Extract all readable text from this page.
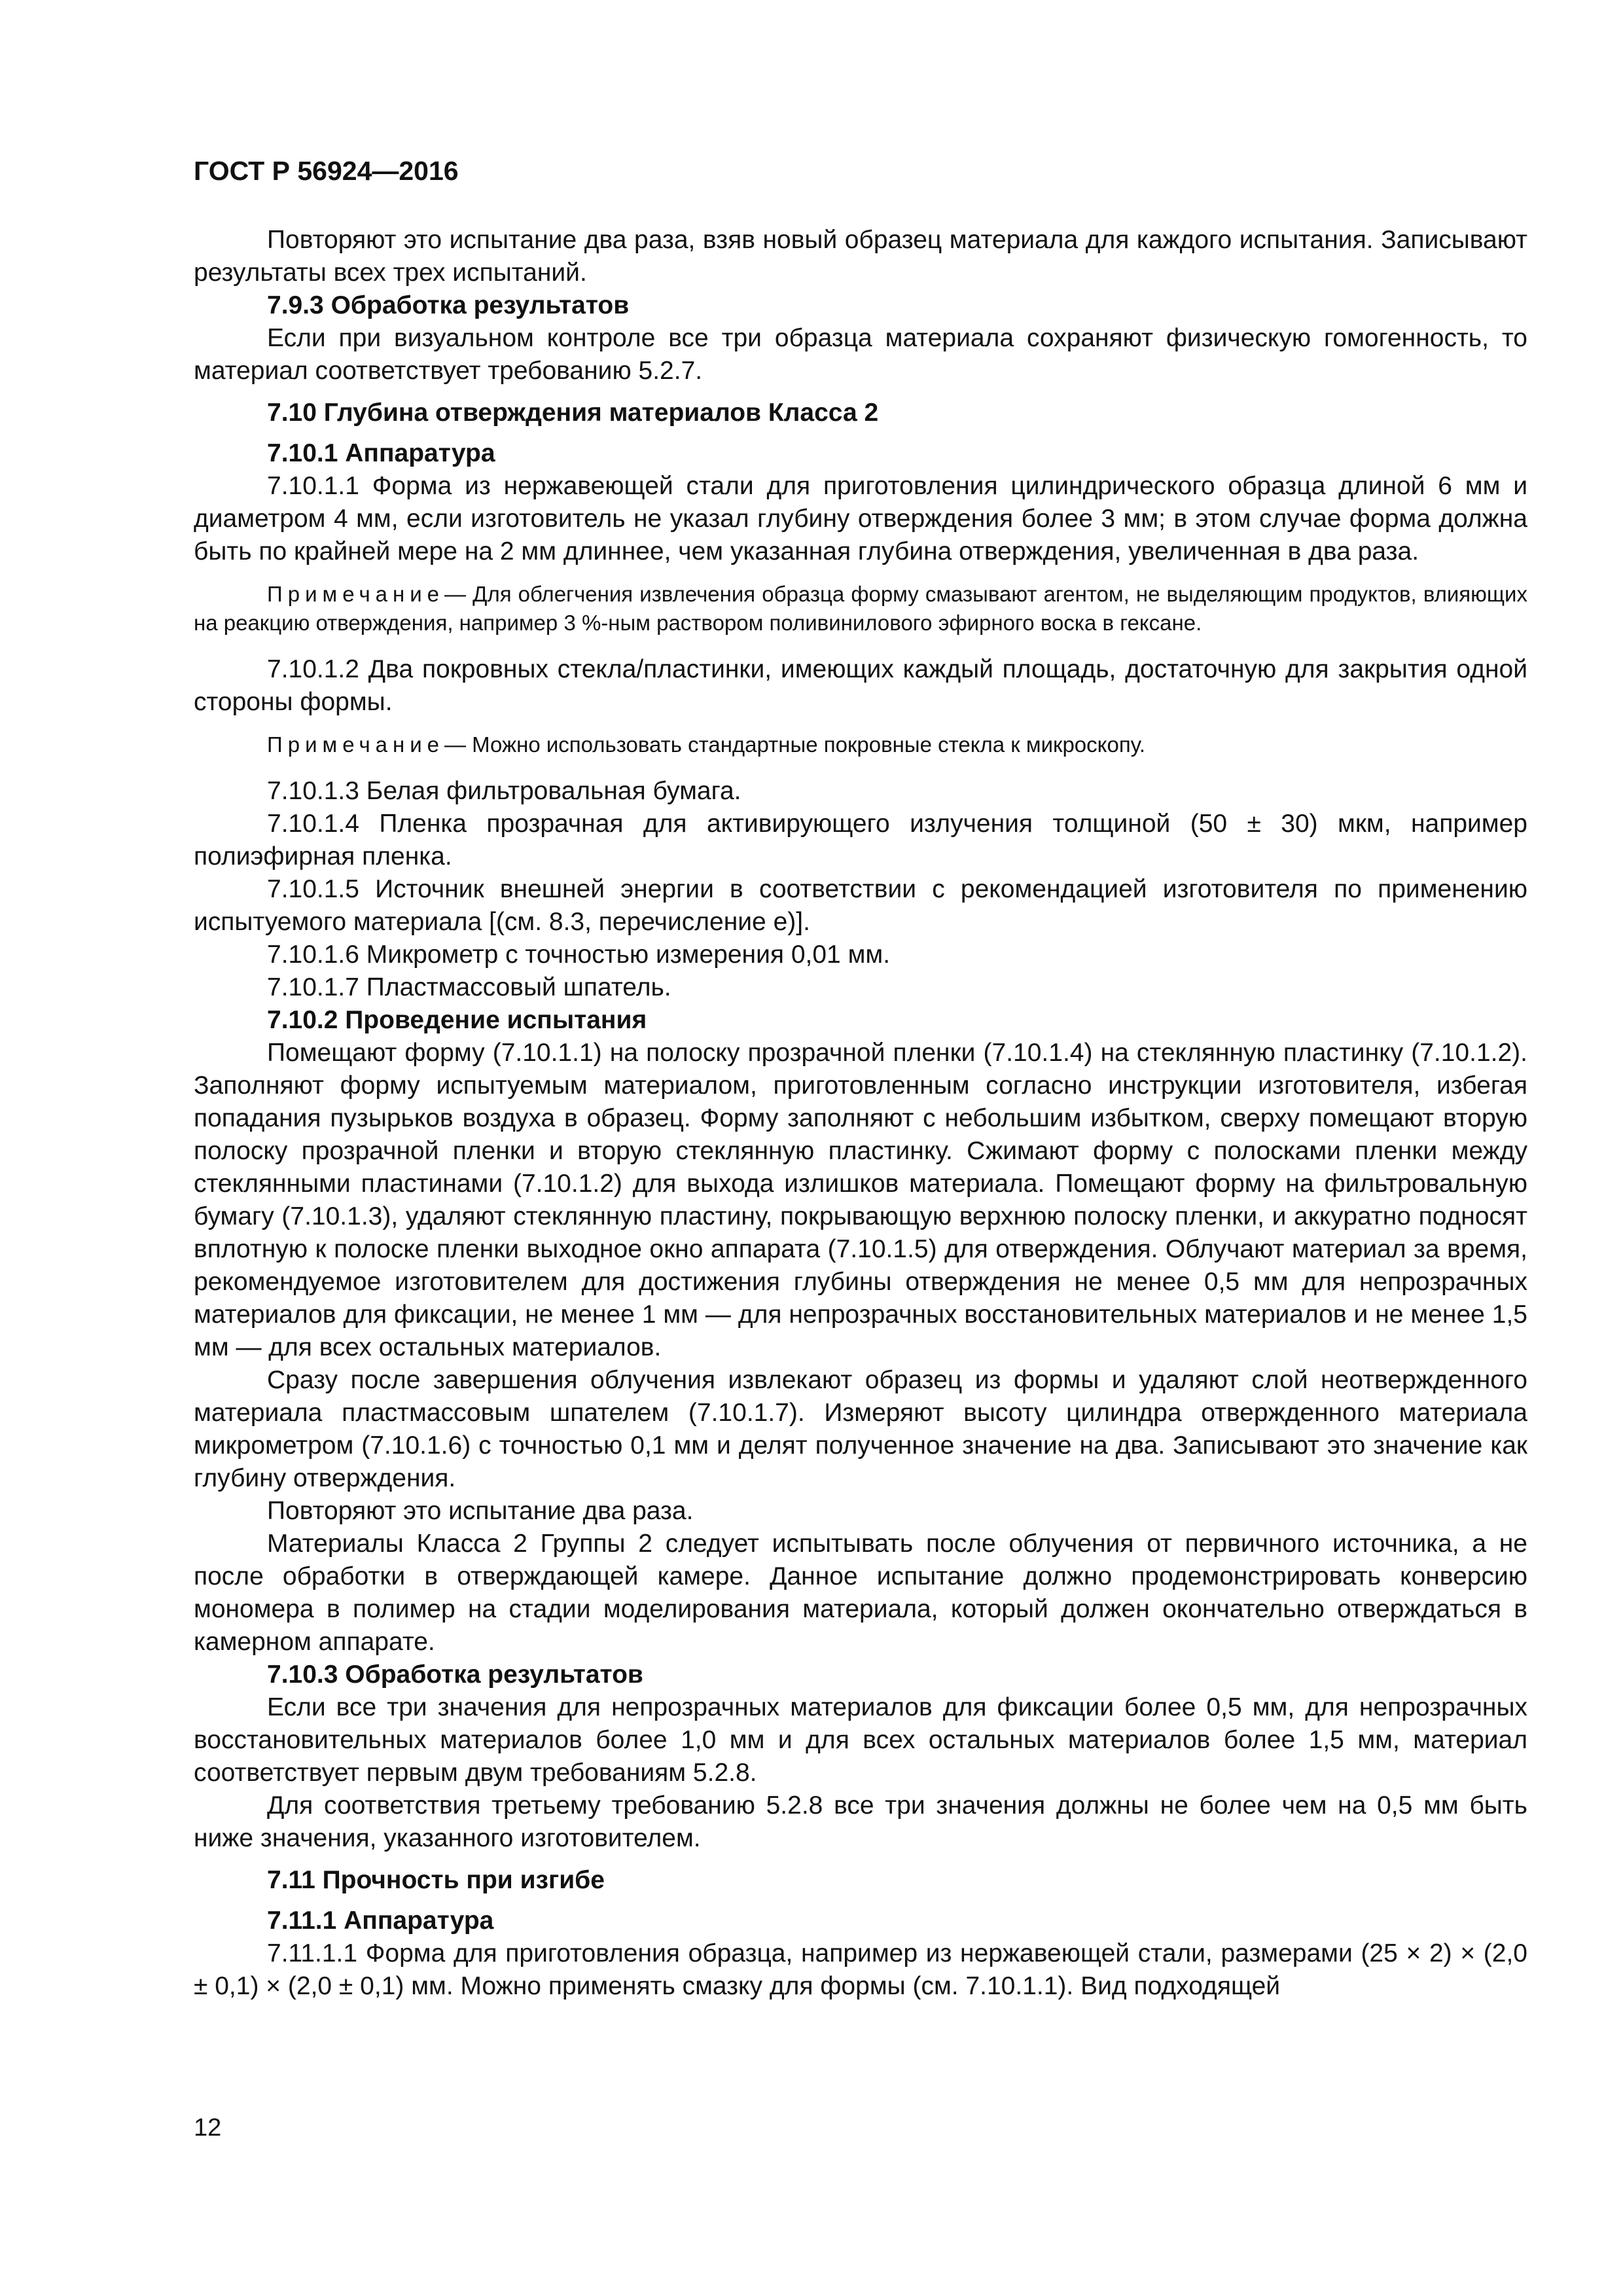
ГОСТ Р 56924—2016

Повторяют это испытание два раза, взяв новый образец материала для каждого испытания. Записывают результаты всех трех испытаний.

7.9.3 Обработка результатов

Если при визуальном контроле все три образца материала сохраняют физическую гомогенность, то материал соответствует требованию 5.2.7.

7.10 Глубина отверждения материалов Класса 2
7.10.1 Аппаратура

7.10.1.1 Форма из нержавеющей стали для приготовления цилиндрического образца длиной 6 мм и диаметром 4 мм, если изготовитель не указал глубину отверждения более 3 мм; в этом случае форма должна быть по крайней мере на 2 мм длиннее, чем указанная глубина отверждения, увеличенная в два раза.

Примечание— Для облегчения извлечения образца форму смазывают агентом, не выделяющим продуктов, влияющих на реакцию отверждения, например 3 %-ным раствором поливинилового эфирного воска в гексане.

7.10.1.2 Два покровных стекла/пластинки, имеющих каждый площадь, достаточную для закрытия одной стороны формы.

Примечание— Можно использовать стандартные покровные стекла к микроскопу.

7.10.1.3 Белая фильтровальная бумага.

7.10.1.4 Пленка прозрачная для активирующего излучения толщиной (50 ± 30) мкм, например полиэфирная пленка.

7.10.1.5 Источник внешней энергии в соответствии с рекомендацией изготовителя по применению испытуемого материала [(см. 8.3, перечисление е)].

7.10.1.6 Микрометр с точностью измерения 0,01 мм.

7.10.1.7 Пластмассовый шпатель.

7.10.2 Проведение испытания

Помещают форму (7.10.1.1) на полоску прозрачной пленки (7.10.1.4) на стеклянную пластинку (7.10.1.2). Заполняют форму испытуемым материалом, приготовленным согласно инструкции изготовителя, избегая попадания пузырьков воздуха в образец. Форму заполняют с небольшим избытком, сверху помещают вторую полоску прозрачной пленки и вторую стеклянную пластинку. Сжимают форму с полосками пленки между стеклянными пластинами (7.10.1.2) для выхода излишков материала. Помещают форму на фильтровальную бумагу (7.10.1.3), удаляют стеклянную пластину, покрывающую верхнюю полоску пленки, и аккуратно подносят вплотную к полоске пленки выходное окно аппарата (7.10.1.5) для отверждения. Облучают материал за время, рекомендуемое изготовителем для достижения глубины отверждения не менее 0,5 мм для непрозрачных материалов для фиксации, не менее 1 мм — для непрозрачных восстановительных материалов и не менее 1,5 мм — для всех остальных материалов.

Сразу после завершения облучения извлекают образец из формы и удаляют слой неотвержденного материала пластмассовым шпателем (7.10.1.7). Измеряют высоту цилиндра отвержденного материала микрометром (7.10.1.6) с точностью 0,1 мм и делят полученное значение на два. Записывают это значение как глубину отверждения.

Повторяют это испытание два раза.

Материалы Класса 2 Группы 2 следует испытывать после облучения от первичного источника, а не после обработки в отверждающей камере. Данное испытание должно продемонстрировать конверсию мономера в полимер на стадии моделирования материала, который должен окончательно отверждаться в камерном аппарате.

7.10.3 Обработка результатов

Если все три значения для непрозрачных материалов для фиксации более 0,5 мм, для непрозрачных восстановительных материалов более 1,0 мм и для всех остальных материалов более 1,5 мм, материал соответствует первым двум требованиям 5.2.8.

Для соответствия третьему требованию 5.2.8 все три значения должны не более чем на 0,5 мм быть ниже значения, указанного изготовителем.

7.11 Прочность при изгибе
7.11.1 Аппаратура

7.11.1.1 Форма для приготовления образца, например из нержавеющей стали, размерами (25 × 2) × (2,0 ± 0,1) × (2,0 ± 0,1) мм. Можно применять смазку для формы (см. 7.10.1.1). Вид подходящей

12
